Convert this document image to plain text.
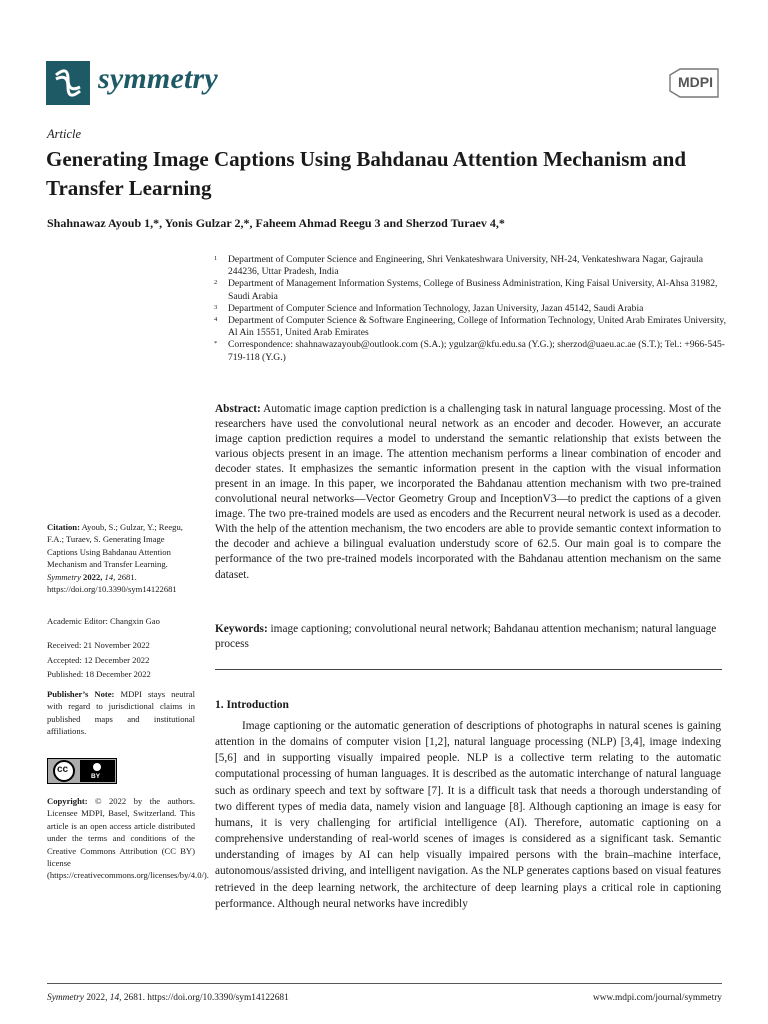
symmetry	MDPI
Article
Generating Image Captions Using Bahdanau Attention Mechanism and Transfer Learning
Shahnawaz Ayoub 1,*, Yonis Gulzar 2,*, Faheem Ahmad Reegu 3 and Sherzod Turaev 4,*
1 Department of Computer Science and Engineering, Shri Venkateshwara University, NH-24, Venkateshwara Nagar, Gajraula 244236, Uttar Pradesh, India
2 Department of Management Information Systems, College of Business Administration, King Faisal University, Al-Ahsa 31982, Saudi Arabia
3 Department of Computer Science and Information Technology, Jazan University, Jazan 45142, Saudi Arabia
4 Department of Computer Science & Software Engineering, College of Information Technology, United Arab Emirates University, Al Ain 15551, United Arab Emirates
* Correspondence: shahnawazayoub@outlook.com (S.A.); ygulzar@kfu.edu.sa (Y.G.); sherzod@uaeu.ac.ae (S.T.); Tel.: +966-545-719-118 (Y.G.)
Abstract: Automatic image caption prediction is a challenging task in natural language processing. Most of the researchers have used the convolutional neural network as an encoder and decoder. However, an accurate image caption prediction requires a model to understand the semantic relationship that exists between the various objects present in an image. The attention mechanism performs a linear combination of encoder and decoder states. It emphasizes the semantic information present in the caption with the visual information present in an image. In this paper, we incorporated the Bahdanau attention mechanism with two pre-trained convolutional neural networks—Vector Geometry Group and InceptionV3—to predict the captions of a given image. The two pre-trained models are used as encoders and the Recurrent neural network is used as a decoder. With the help of the attention mechanism, the two encoders are able to provide semantic context information to the decoder and achieve a bilingual evaluation understudy score of 62.5. Our main goal is to compare the performance of the two pre-trained models incorporated with the Bahdanau attention mechanism on the same dataset.
Keywords: image captioning; convolutional neural network; Bahdanau attention mechanism; natural language process
Citation: Ayoub, S.; Gulzar, Y.; Reegu, F.A.; Turaev, S. Generating Image Captions Using Bahdanau Attention Mechanism and Transfer Learning. Symmetry 2022, 14, 2681. https://doi.org/10.3390/sym14122681
Academic Editor: Changxin Gao
Received: 21 November 2022
Accepted: 12 December 2022
Published: 18 December 2022
Publisher’s Note: MDPI stays neutral with regard to jurisdictional claims in published maps and institutional affiliations.
cc
BY
Copyright: © 2022 by the authors. Licensee MDPI, Basel, Switzerland. This article is an open access article distributed under the terms and conditions of the Creative Commons Attribution (CC BY) license (https://creativecommons.org/licenses/by/4.0/).
1. Introduction
Image captioning or the automatic generation of descriptions of photographs in natural scenes is gaining attention in the domains of computer vision [1,2], natural language processing (NLP) [3,4], image indexing [5,6] and in supporting visually impaired people. NLP is a collective term relating to the automatic computational processing of human languages. It is described as the automatic interchange of natural language such as ordinary speech and text by software [7]. It is a difficult task that needs a thorough understanding of two different types of media data, namely vision and language [8]. Although captioning an image is easy for humans, it is very challenging for artificial intelligence (AI). Therefore, automatic captioning on a comprehensive understanding of real-world scenes of images is considered as a significant task. Semantic understanding of images by AI can help visually impaired persons with the brain–machine interface, autonomous/assisted driving, and intelligent navigation. As the NLP generates captions based on visual features retrieved in the deep learning network, the architecture of deep learning plays a critical role in captioning performance. Although neural networks have incredibly
Symmetry 2022, 14, 2681. https://doi.org/10.3390/sym14122681	www.mdpi.com/journal/symmetry
